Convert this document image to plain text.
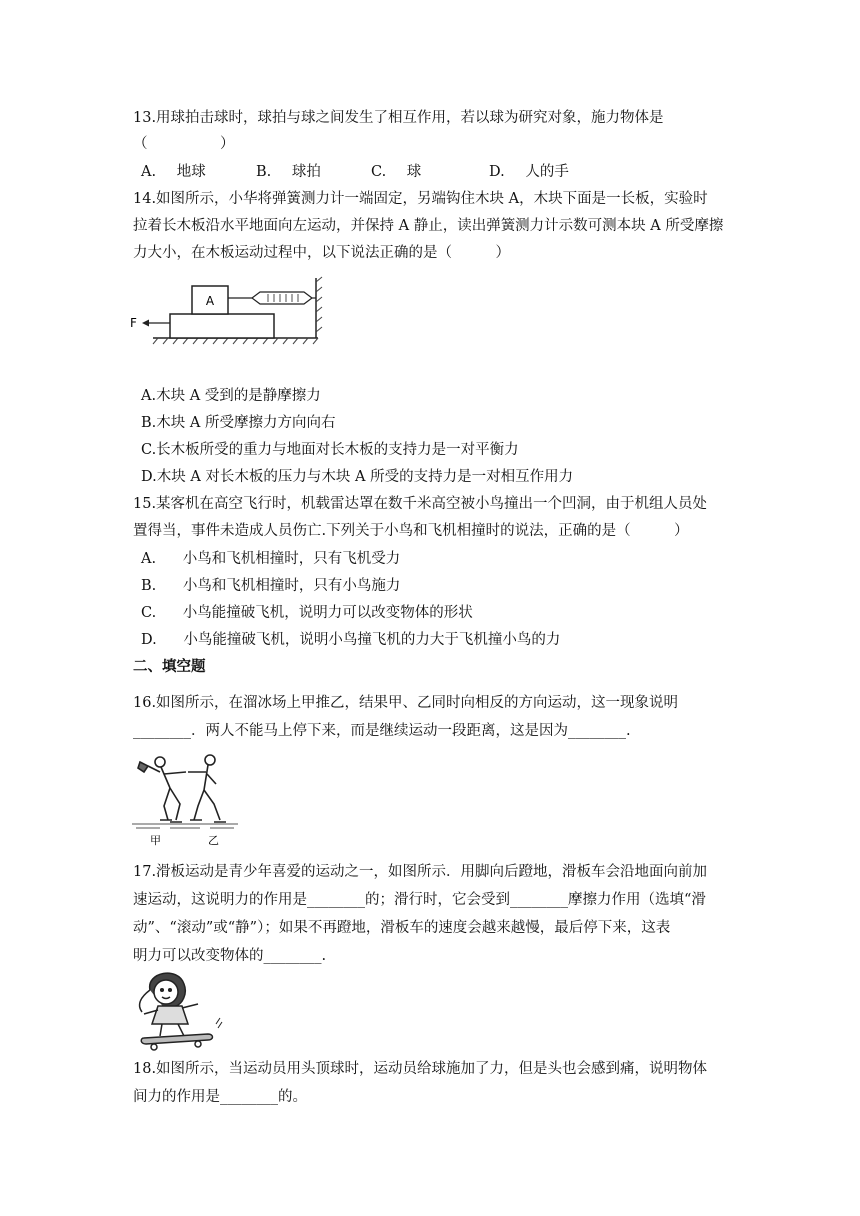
13.用球拍击球时，球拍与球之间发生了相互作用，若以球为研究对象，施力物体是
（　　　　　）
A. 地球	B. 球拍	C. 球	D. 人的手
14.如图所示，小华将弹簧测力计一端固定，另端钩住木块 A，木块下面是一长板，实验时
拉着长木板沿水平地面向左运动，并保持 A 静止，读出弹簧测力计示数可测本块 A 所受摩擦
力大小，在木板运动过程中，以下说法正确的是（　　　）
A
F
A.木块 A 受到的是静摩擦力
B.木块 A 所受摩擦力方向向右
C.长木板所受的重力与地面对长木板的支持力是一对平衡力
D.木块 A 对长木板的压力与木块 A 所受的支持力是一对相互作用力
15.某客机在高空飞行时，机载雷达罩在数千米高空被小鸟撞出一个凹洞，由于机组人员处
置得当，事件未造成人员伤亡.下列关于小鸟和飞机相撞时的说法，正确的是（　　　）
A. 小鸟和飞机相撞时，只有飞机受力
B. 小鸟和飞机相撞时，只有小鸟施力
C. 小鸟能撞破飞机，说明力可以改变物体的形状
D. 小鸟能撞破飞机，说明小鸟撞飞机的力大于飞机撞小鸟的力
二、填空题
16.如图所示，在溜冰场上甲推乙，结果甲、乙同时向相反的方向运动，这一现象说明
________．两人不能马上停下来，而是继续运动一段距离，这是因为________.
甲	乙
17.滑板运动是青少年喜爱的运动之一，如图所示．用脚向后蹬地，滑板车会沿地面向前加
速运动，这说明力的作用是________的；滑行时，它会受到________摩擦力作用（选填“滑
动”、“滚动”或“静”）；如果不再蹬地，滑板车的速度会越来越慢，最后停下来，这表
明力可以改变物体的________.
18.如图所示，当运动员用头顶球时，运动员给球施加了力，但是头也会感到痛，说明物体
间力的作用是________的。
